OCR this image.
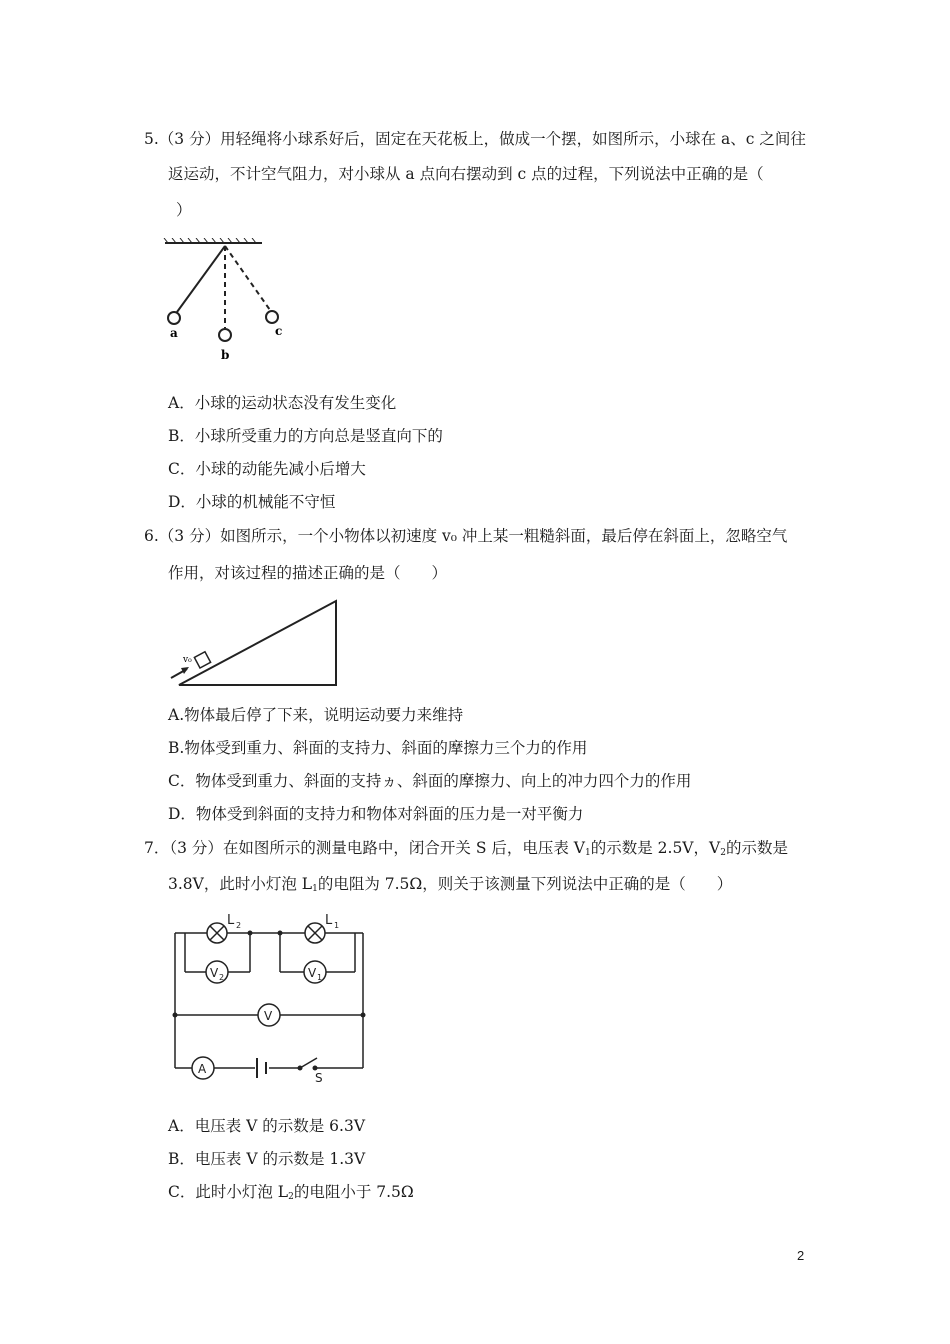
5.（3 分）用轻绳将小球系好后，固定在天花板上，做成一个摆，如图所示，小球在 a、c 之间往
返运动，不计空气阻力，对小球从 a 点向右摆动到 c 点的过程，下列说法中正确的是（
）
a
b
c
A．小球的运动状态没有发生变化
B．小球所受重力的方向总是竖直向下的
C．小球的动能先减小后增大
D．小球的机械能不守恒
6.（3 分）如图所示，一个小物体以初速度 v₀ 冲上某一粗糙斜面，最后停在斜面上，忽略空气
作用，对该过程的描述正确的是（　　）
v₀
A.物体最后停了下来，说明运动要力来维持
B.物体受到重力、斜面的支持力、斜面的摩擦力三个力的作用
C．物体受到重力、斜面的支持ヵ、斜面的摩擦力、向上的冲力四个力的作用
D．物体受到斜面的支持力和物体对斜面的压力是一对平衡力
7．（3 分）在如图所示的测量电路中，闭合开关 S 后，电压表 $V_1$的示数是 2.5V，$V_2$的示数是
3.8V，此时小灯泡 $L_1$的电阻为 7.5Ω，则关于该测量下列说法中正确的是（　　）
L 2	L 1
V 2	V 1
V
A
S
A．电压表 V 的示数是 6.3V
B．电压表 V 的示数是 1.3V
C．此时小灯泡 $L_2$的电阻小于 7.5Ω
2
